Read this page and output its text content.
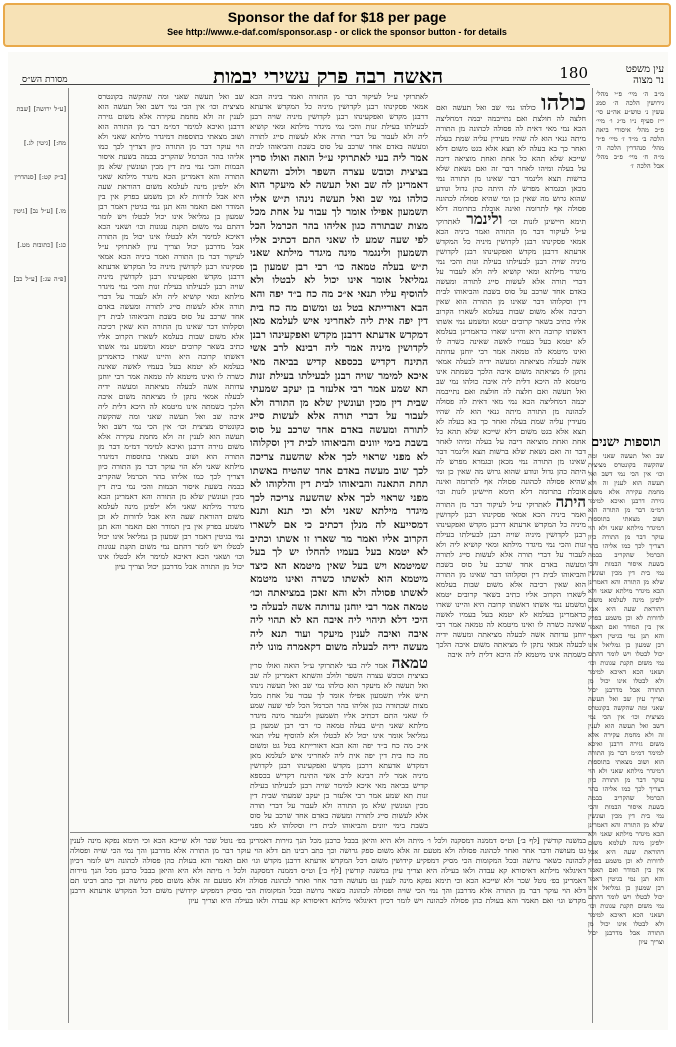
Sponsor the daf for $18 per page
See http://www.e-daf.com/sponsor.asp - or click the sponsor button - for details
180
האשה רבה פרק עשירי יבמות	עין משפט
נר מצוה
מסורת הש״ס
מ״ב ה׳ מיי׳ פ״י מהל׳ גירושין הלכה ה׳ סמג עשין נ׳ טוש״ע אה״ע סי׳ י״ז סעיף נ״ו מ״ג ו׳ מיי׳ פ״כ מהל׳ איסורי ביאה הלכה ב׳ מ״ד ז׳ מיי׳ פ״ד מהל׳ סנהדרין הלכה ה׳ מ״ה ח׳ מיי׳ פ״ב מהל׳ אבל הלכה ז׳
תוספות ישנים
שב ואל תעשה שאני ומה שהקשה בקונטרס מציצית וכו׳ אין הכי נמי דשב ואל תעשה הוא לענין זה ולא מחמת עקירה אלא משום גזירה דרבנן ואיכא למימר דמ״מ דבר מן התורה הוא ושוב מצאתי בתוספות דמיגדר מילתא שאני ולא הוי עוקר דבר מן התורה כיון דצריך לכך כמו אליהו בהר הכרמל שהקריב בבמה בשעת איסור הבמות והכי נמי בית דין מכין ועונשין שלא מן התורה והא דאמרינן הכא מיגדר מילתא שאני ולא ילפינן מינה לעלמא משום דהוראת שעה היא אבל לדורות לא וכן משמע בפרק אין בין המודר ואם תאמר והא תנן נמי בגיטין דאמר רבן שמעון בן גמליאל אינו יכול לבטלו ויש לומר דהתם נמי משום תקנת עגונות וכו׳ ושאני הכא דאיכא למימר ולא לבטלו אינו יכול מן התורה אבל מדרבנן יכול וצריך עיון שב ואל תעשה שאני ומה שהקשה בקונטרס מציצית וכו׳ אין הכי נמי דשב ואל תעשה הוא לענין זה ולא מחמת עקירה אלא משום גזירה דרבנן ואיכא למימר דמ״מ דבר מן התורה הוא ושוב מצאתי בתוספות דמיגדר מילתא שאני ולא הוי עוקר דבר מן התורה כיון דצריך לכך כמו אליהו בהר הכרמל שהקריב בבמה בשעת איסור הבמות והכי נמי בית דין מכין ועונשין שלא מן התורה והא דאמרינן הכא מיגדר מילתא שאני ולא ילפינן מינה לעלמא משום דהוראת שעה היא אבל לדורות לא וכן משמע בפרק אין בין המודר ואם תאמר והא תנן נמי בגיטין דאמר רבן שמעון בן גמליאל אינו יכול לבטלו ויש לומר דהתם נמי משום תקנת עגונות וכו׳ ושאני הכא דאיכא למימר ולא לבטלו אינו יכול מן התורה אבל מדרבנן יכול וצריך עיון
כולהו כולהו נמי שב ואל תעשה ואם חלצה לה חולצת ואם נתייבמה יבמה דמחליצה הכא נמי מאי דאית לה פסולה לכהונה מן התורה מיתה גנאי הוא לה שהיו מעידין עליה שמת בעלה ואחר כך בא בעלה לא תצא אלא בגט משום דלא שייכא שלא תהא כל אחת ואחת מוציאה דיבה על בעלה ומיהו לאחר דבר זה ואם נשאת שלא ברשות תצא ולינמר דבר שאינו מן התורה נמי מכאן ובגמרא מפרש לה היתה כהן גדול ונודע שהוא גרוש מה שאין כן ומי שהיא פסולה לכהונה פסולה אף לתרומה ואינה אוכלת בתרומה דלא תימא חיישינן לזנות וכו׳ ולינמר לאתרוקי ע״ל לעיקור דבר מן התורה ואמר ביניה הכא אמאי פסקינהו רבנן לקדושין מיניה כל המקדש אדעתא דרבנן מקדש ואפקעינהו רבנן לקדושין מיניה שויה רבנן לבעילתו בעילת זנות והכי נמי מיגדר מילתא ומאי קושיא ליה ולא לעבור על דברי תורה אלא לעשות סייג לתורה ומעשה באדם אחד שרכב על סוס בשבת והביאוהו לבית דין וסקלוהו דבר שאינו מן התורה הוא שאין רכיבה אלא משום שבות בעלמא לשארו הקרוב אליו כתיב בשאר קרובים יטמא ומשמע נמי אשתו דאשתו קרובה היא והיינו שארו כדאמרינן בעלמא לא יטמא בעל בעמיו לאשה שאינה כשרה לו ואינו מיטמא לה טמאה אמר רבי יוחנן עדותה אשה לבעלה מציאתה ומעשה ידיה לבעלה אמאי נתקן לו מציאתה משום איבה הלכך כשמתה אינו מיטמא לה היכא דלית ליה איבה כולהו נמי שב ואל תעשה ואם חלצה לה חולצת ואם נתייבמה יבמה דמחליצה הכא נמי מאי דאית לה פסולה לכהונה מן התורה מיתה גנאי הוא לה שהיו מעידין עליה שמת בעלה ואחר כך בא בעלה לא תצא אלא בגט משום דלא שייכא שלא תהא כל אחת ואחת מוציאה דיבה על בעלה ומיהו לאחר דבר זה ואם נשאת שלא ברשות תצא ולינמר דבר שאינו מן התורה נמי מכאן ובגמרא מפרש לה היתה כהן גדול ונודע שהוא גרוש מה שאין כן ומי שהיא פסולה לכהונה פסולה אף לתרומה ואינה אוכלת בתרומה דלא תימא חיישינן לזנות וכו׳ היתה לאתרוקי ע״ל לעיקור דבר מן התורה ואמר ביניה הכא אמאי פסקינהו רבנן לקדושין מיניה כל המקדש אדעתא דרבנן מקדש ואפקעינהו רבנן לקדושין מיניה שויה רבנן לבעילתו בעילת זנות והכי נמי מיגדר מילתא ומאי קושיא ליה ולא לעבור על דברי תורה אלא לעשות סייג לתורה ומעשה באדם אחד שרכב על סוס בשבת והביאוהו לבית דין וסקלוהו דבר שאינו מן התורה הוא שאין רכיבה אלא משום שבות בעלמא לשארו הקרוב אליו כתיב בשאר קרובים יטמא ומשמע נמי אשתו דאשתו קרובה היא והיינו שארו כדאמרינן בעלמא לא יטמא בעל בעמיו לאשה שאינה כשרה לו ואינו מיטמא לה טמאה אמר רבי יוחנן עדותה אשה לבעלה מציאתה ומעשה ידיה לבעלה אמאי נתקן לו מציאתה משום איבה הלכך כשמתה אינו מיטמא לה היכא דלית ליה איבה
אמר ליה בעי לאתרוקי ע״ל הואה ואולו סרין בציצית וכובש עצרה השפר ולולב והשתא דאמרינן לה שב ואל תעשה לא מיעקר הוא כולהו נמי שב ואל תעשה נינהו ת״ש אליו תשמעון אפילו אומר לך עבור על אחת מכל מצות שבתורה כגון אליהו בהר הכרמל הכל לפי שעה שמע לו שאני התם דכתיב אליו תשמעון ולינגמר מינה מיגדר מילתא שאני ת״ש בעלה טמאה כו׳ רבי רבן שמעון בן גמליאל אומר אינו יכול לא לבטלו ולא להוסיף עליו תנאי א״כ מה כח ב״ד יפה והא הבא דאורייתא בטל גט ומשום מה כח בית דין יפה אית ליה לאחריני איש לעלמא מאן דמקדש אדעתא דרבנן מקדש ואפקעינהו רבנן לקדושין מיניה אמר ליה רבינא לרב אשי התינח דקדיש בכספא קדיש בביאה מאי איכא למימר שויה רבנן לבעילתו בעילת זנות תא שמע אמר רבי אלעזר בן יעקב שמעתי שבית דין מכין ועונשין שלא מן התורה ולא לעבור על דברי תורה אלא לעשות סייג לתורה ומעשה באדם אחד שרכב על סוס בשבת בימי יוונים והביאוהו לבית דין וסקלוהו לא מפני שראוי לכך אלא שהשעה צריכה לכך שוב מעשה באדם אחד שהטיח באשתו תחת התאנה והביאוהו לבית דין והלקוהו לא מפני שראוי לכך אלא שהשעה צריכה לכך מיגדר מילתא שאני ולא וכי תנא ותנא דמסייעא לה מנלן דכתיב כי אם לשארו הקרוב אליו ואמר מר שארו זו אשתו וכתיב לא יטמא בעל בעמיו להחלו יש לך בעל שמיטמא ויש בעל שאין מיטמא הא כיצד מיטמא הוא לאשתו כשרה ואינו מיטמא לאשתו פסולה ולא והא זאכן במציאתה וכו׳ טמאה אמר רבי יוחנן עדותה אשה לבעלה כי היכי דלא תיהוי ליה איבה הא לא תהוי ליה איבה ואיבה לענין מיעקר ועוד תנא ליה מעשה ידיה לבעלה משום דקאמרה מונו ליה
לאתרוקי ע״ל לעיקור דבר מן התורה ואמר ביניה הכא אמאי פסקינהו רבנן לקדושין מיניה כל המקדש אדעתא דרבנן מקדש ואפקעינהו רבנן לקדושין מיניה שויה רבנן לבעילתו בעילת זנות והכי נמי מיגדר מילתא ומאי קושיא ליה ולא לעבור על דברי תורה אלא לעשות סייג לתורה ומעשה באדם אחד שרכב על סוס בשבת והביאוהו לבית
שב ואל תעשה שאני ומה שהקשה בקונטרס מציצית וכו׳ אין הכי נמי דשב ואל תעשה הוא לענין זה ולא מחמת עקירה אלא משום גזירה דרבנן ואיכא למימר דמ״מ דבר מן התורה הוא ושוב מצאתי בתוספות דמיגדר מילתא שאני ולא הוי עוקר דבר מן התורה כיון דצריך לכך כמו אליהו בהר הכרמל שהקריב בבמה בשעת איסור הבמות והכי נמי בית דין מכין ועונשין שלא מן התורה והא דאמרינן הכא מיגדר מילתא שאני ולא ילפינן מינה לעלמא משום דהוראת שעה היא אבל לדורות לא וכן משמע בפרק אין בין המודר ואם תאמר והא תנן נמי בגיטין דאמר רבן שמעון בן גמליאל אינו יכול לבטלו ויש לומר דהתם נמי משום תקנת עגונות וכו׳ ושאני הכא דאיכא למימר ולא לבטלו אינו יכול מן התורה אבל מדרבנן יכול וצריך עיון לאתרוקי ע״ל לעיקור דבר מן התורה ואמר ביניה הכא אמאי פסקינהו רבנן לקדושין מיניה כל המקדש אדעתא דרבנן מקדש ואפקעינהו רבנן לקדושין מיניה שויה רבנן לבעילתו בעילת זנות והכי נמי מיגדר מילתא ומאי קושיא ליה ולא לעבור על דברי תורה אלא לעשות סייג לתורה ומעשה באדם אחד שרכב על סוס בשבת והביאוהו לבית דין וסקלוהו דבר שאינו מן התורה הוא שאין רכיבה אלא משום שבות בעלמא לשארו הקרוב אליו כתיב בשאר קרובים יטמא ומשמע נמי אשתו דאשתו קרובה היא והיינו שארו כדאמרינן בעלמא לא יטמא בעל בעמיו לאשה שאינה כשרה לו ואינו מיטמא לה טמאה אמר רבי יוחנן עדותה אשה לבעלה מציאתה ומעשה ידיה לבעלה אמאי נתקן לו מציאתה משום איבה הלכך כשמתה אינו מיטמא לה היכא דלית ליה איבה שב ואל תעשה שאני ומה שהקשה בקונטרס מציצית וכו׳ אין הכי נמי דשב ואל תעשה הוא לענין זה ולא מחמת עקירה אלא משום גזירה דרבנן ואיכא למימר דמ״מ דבר מן התורה הוא ושוב מצאתי בתוספות דמיגדר מילתא שאני ולא הוי עוקר דבר מן התורה כיון דצריך לכך כמו אליהו בהר הכרמל שהקריב בבמה בשעת איסור הבמות והכי נמי בית דין מכין ועונשין שלא מן התורה והא דאמרינן הכא מיגדר מילתא שאני ולא ילפינן מינה לעלמא משום דהוראת שעה היא אבל לדורות לא וכן משמע בפרק אין בין המודר ואם תאמר והא תנן נמי בגיטין דאמר רבן שמעון בן גמליאל אינו יכול לבטלו ויש לומר דהתם נמי משום תקנת עגונות וכו׳ ושאני הכא דאיכא למימר ולא לבטלו אינו יכול מן התורה אבל מדרבנן יכול וצריך עיון
[ע״ל ירושה] [שבת מח:] [גיטין לג.] [ב״ק קט:] [סנהדרין מו.] [ע״ל נב] [גיטין כג:] [כתובות מט.] [פ״ה עג:] [ע״ל כב]
טמאה אמר ליה בעי לאתרוקי ע״ל הואה ואולו סרין בציצית וכובש עצרה השפר ולולב והשתא דאמרינן לה שב ואל תעשה לא מיעקר הוא כולהו נמי שב ואל תעשה נינהו ת״ש אליו תשמעון אפילו אומר לך עבור על אחת מכל מצות שבתורה כגון אליהו בהר הכרמל הכל לפי שעה שמע לו שאני התם דכתיב אליו תשמעון ולינגמר מינה מיגדר מילתא שאני ת״ש בעלה טמאה כו׳ רבי רבן שמעון בן גמליאל אומר אינו יכול לא לבטלו ולא להוסיף עליו תנאי א״כ מה כח ב״ד יפה והא הבא דאורייתא בטל גט ומשום מה כח בית דין יפה אית ליה לאחריני איש לעלמא מאן דמקדש אדעתא דרבנן מקדש ואפקעינהו רבנן לקדושין מיניה אמר ליה רבינא לרב אשי התינח דקדיש בכספא קדיש בביאה מאי איכא למימר שויה רבנן לבעילתו בעילת זנות תא שמע אמר רבי אלעזר בן יעקב שמעתי שבית דין מכין ועונשין שלא מן התורה ולא לעבור על דברי תורה אלא לעשות סייג לתורה ומעשה באדם אחד שרכב על סוס בשבת בימי יוונים והביאוהו לבית דין וסקלוהו לא מפני
במשנה קודשין [לף ב׳] וט״ס דממנה דמסקנה ולכל ו׳ מיתה ולא היא והיאן בבבל כרבנן מכל הנך גזירות דאמרינן בפ׳ נוטל שכר ולא שייכא הכא וכי תימא נפקא מינה לענין גט מעושה ודבר אחר ואחר לכהונה פסולה ולא מטעם זה אלא משום ספק גרושה וכך כתב רבינו תם דלא הוי עוקר דבר מן התורה אלא מדרבנן והך נמי הכי שויה ופסולה לכהונה כשאר גרושה ובכל המקומות הכי מסיק דמפקיע קידושין משום דכל המקדש אדעתא דרבנן מקדש וגו׳ ואם תאמר והא בעולת כהן פסולה לכהונה ויש לומר דכיון דאיגלאי מילתא דאיסורא קא עבדה ולאו בעילה היא וצריך עיון במשנה קודשין [לף ב׳] וט״ס דממנה דמסקנה ולכל ו׳ מיתה ולא היא והיאן בבבל כרבנן מכל הנך גזירות דאמרינן בפ׳ נוטל שכר ולא שייכא הכא וכי תימא נפקא מינה לענין גט מעושה ודבר אחר ואחר לכהונה פסולה ולא מטעם זה אלא משום ספק גרושה וכך כתב רבינו תם דלא הוי עוקר דבר מן התורה אלא מדרבנן והך נמי הכי שויה ופסולה לכהונה כשאר גרושה ובכל המקומות הכי מסיק דמפקיע קידושין משום דכל המקדש אדעתא דרבנן מקדש וגו׳ ואם תאמר והא בעולת כהן פסולה לכהונה ויש לומר דכיון דאיגלאי מילתא דאיסורא קא עבדה ולאו בעילה היא וצריך עיון
